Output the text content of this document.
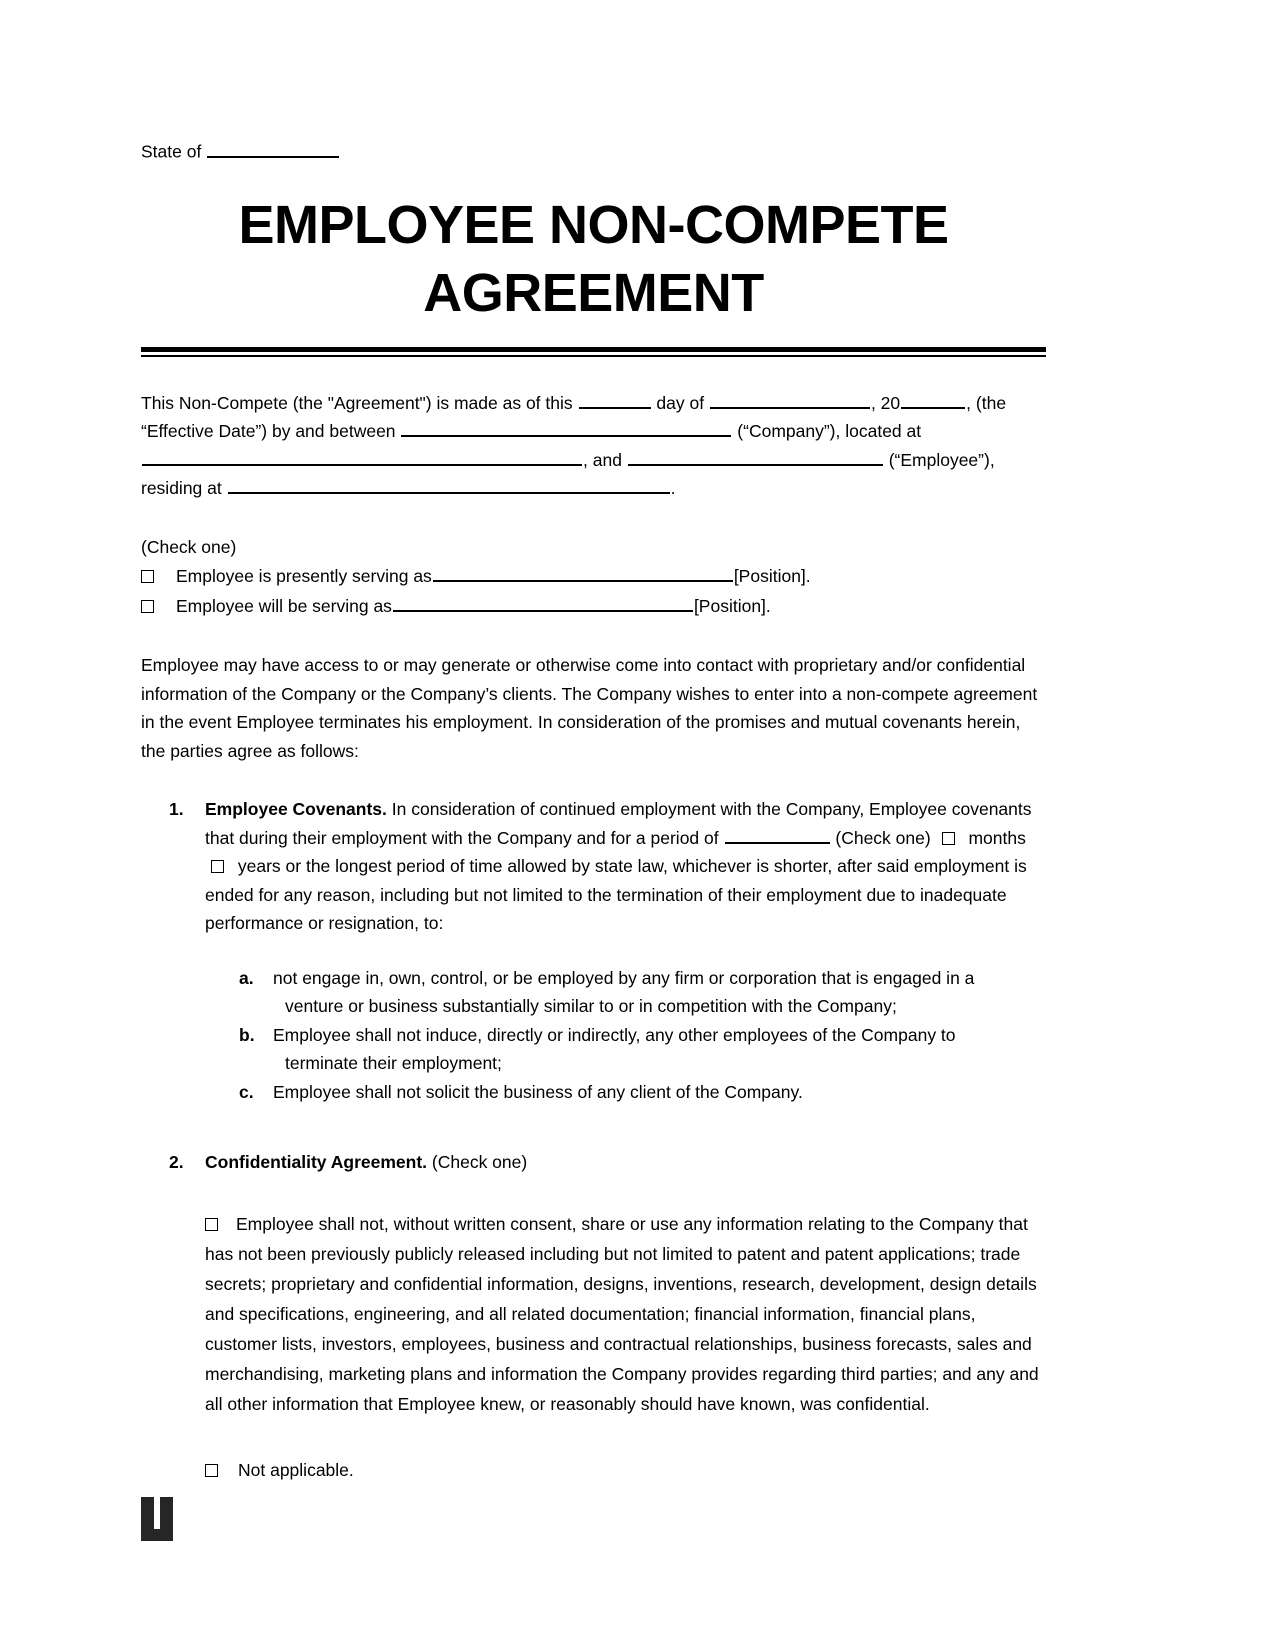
State of
EMPLOYEE NON-COMPETE
AGREEMENT
This Non-Compete (the "Agreement") is made as of this	day of	, 20	, (the “Effective Date”) by and between	(“Company”), located at , and	(“Employee”), residing at	.
(Check one)
Employee is presently serving as	[Position].
Employee will be serving as	[Position].
Employee may have access to or may generate or otherwise come into contact with proprietary and/or confidential information of the Company or the Company’s clients. The Company wishes to enter into a non-compete agreement in the event Employee terminates his employment. In consideration of the promises and mutual covenants herein, the parties agree as follows:
1.	Employee Covenants. In consideration of continued employment with the Company, Employee covenants that during their employment with the Company and for a period of	(Check one) months  years or the longest period of time allowed by state law, whichever is shorter, after said employment is ended for any reason, including but not limited to the termination of their employment due to inadequate performance or resignation, to:
a.	not engage in, own, control, or be employed by any firm or corporation that is engaged in a
venture or business substantially similar to or in competition with the Company;
b.	Employee shall not induce, directly or indirectly, any other employees of the Company to
terminate their employment;
c.	Employee shall not solicit the business of any client of the Company.
2.	Confidentiality Agreement. (Check one)
Employee shall not, without written consent, share or use any information relating to the Company that has not been previously publicly released including but not limited to patent and patent applications; trade secrets; proprietary and confidential information, designs, inventions, research, development, design details and specifications, engineering, and all related documentation; financial information, financial plans, customer lists, investors, employees, business and contractual relationships, business forecasts, sales and merchandising, marketing plans and information the Company provides regarding third parties; and any and all other information that Employee knew, or reasonably should have known, was confidential.
Not applicable.
